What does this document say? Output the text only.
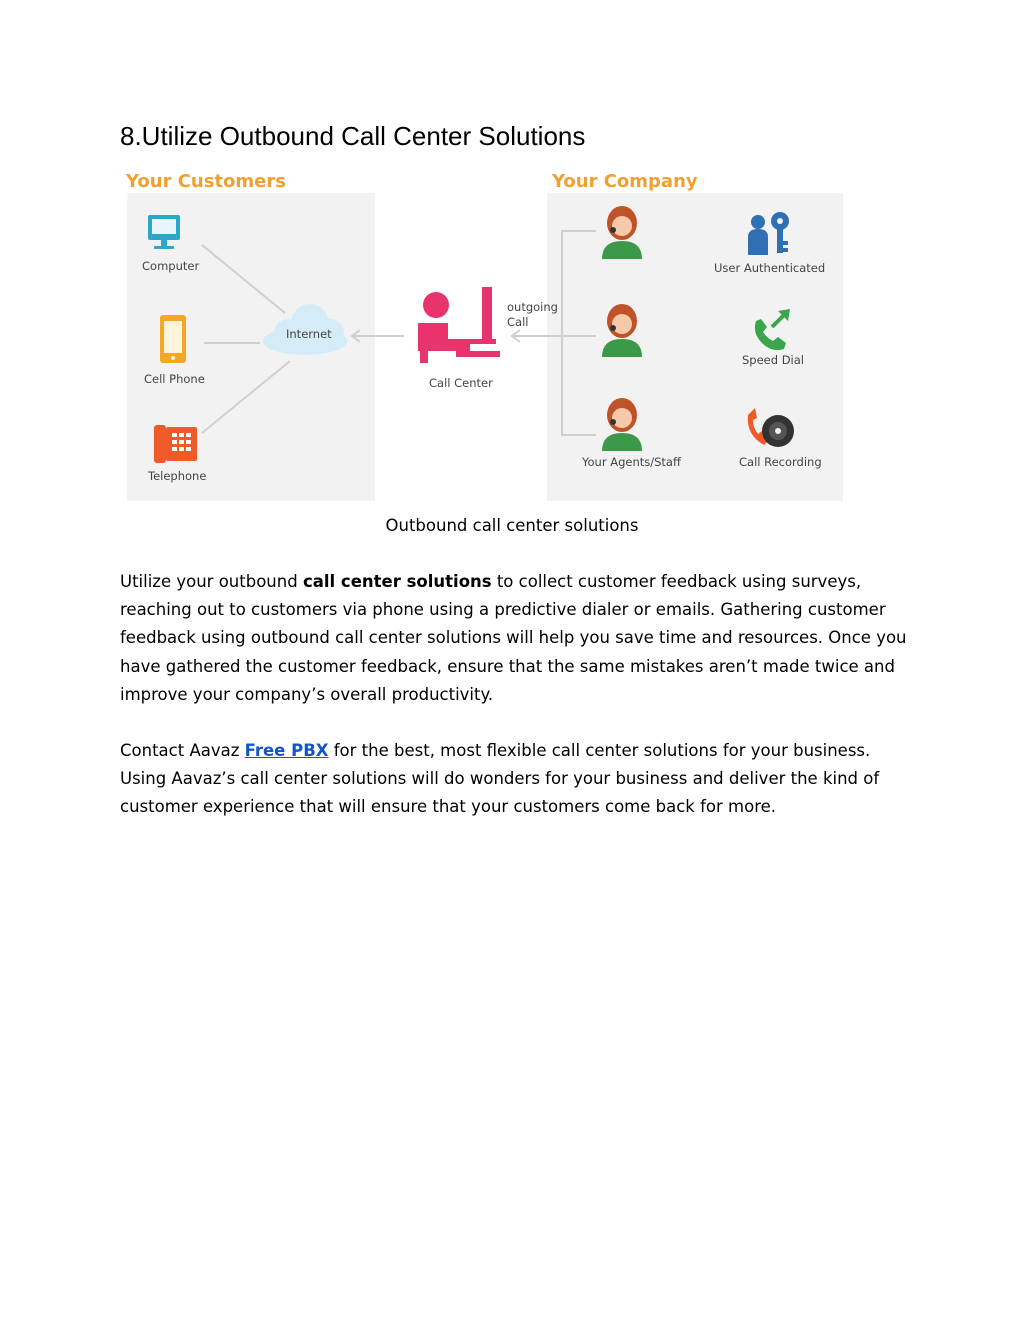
8.Utilize Outbound Call Center Solutions
Your Customers	Your Company
Computer
Cell Phone
Telephone
Internet
Call Center
outgoing
Call
Your Agents/Staff
User Authenticated
Speed Dial
Call Recording

Outbound call center solutions

Utilize your outbound call center solutions to collect customer feedback using surveys, reaching out to customers via phone using a predictive dialer or emails. Gathering customer feedback using outbound call center solutions will help you save time and resources. Once you have gathered the customer feedback, ensure that the same mistakes aren’t made twice and improve your company’s overall productivity.

Contact Aavaz Free PBX for the best, most flexible call center solutions for your business. Using Aavaz’s call center solutions will do wonders for your business and deliver the kind of customer experience that will ensure that your customers come back for more.
